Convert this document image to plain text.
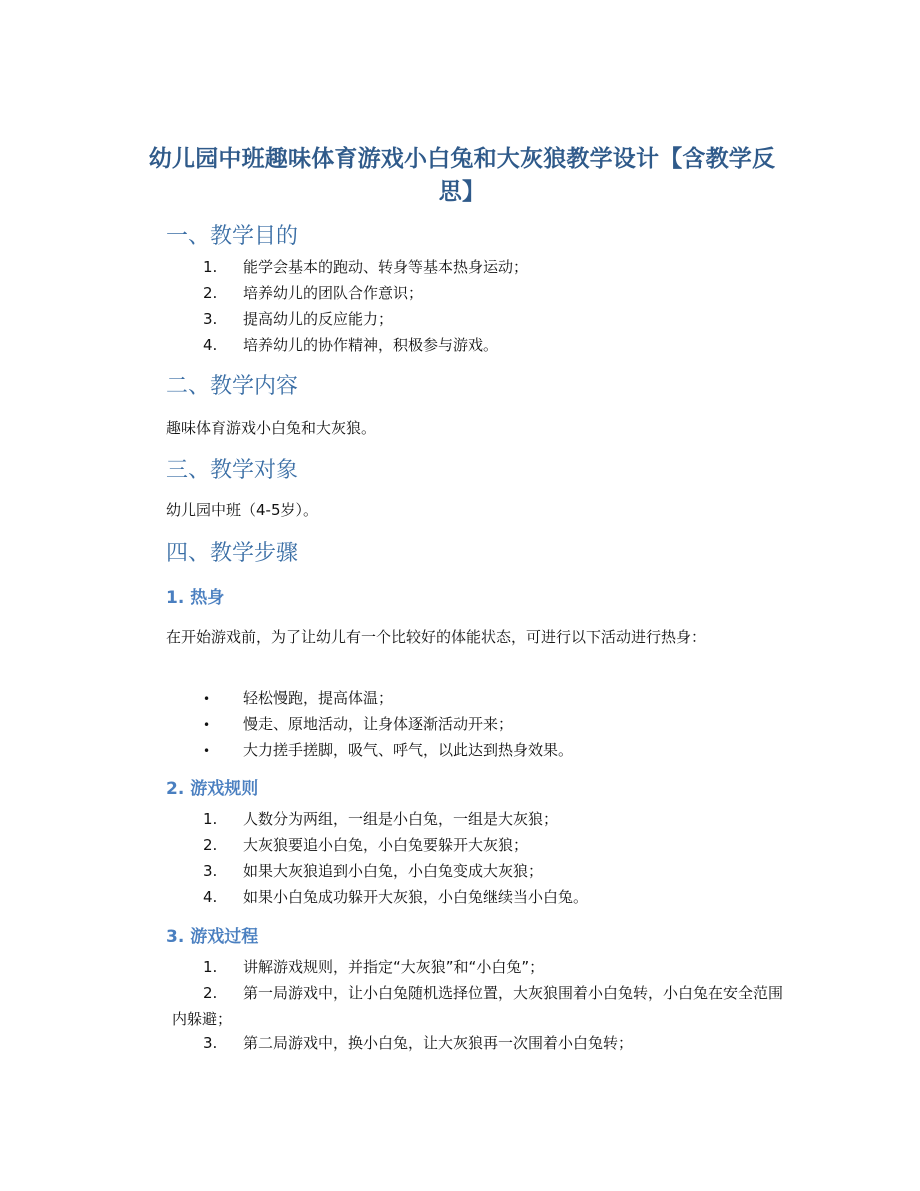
幼儿园中班趣味体育游戏小白兔和大灰狼教学设计【含教学反思】
一、教学目的
1. 能学会基本的跑动、转身等基本热身运动；
2. 培养幼儿的团队合作意识；
3. 提高幼儿的反应能力；
4. 培养幼儿的协作精神，积极参与游戏。
二、教学内容
趣味体育游戏小白兔和大灰狼。
三、教学对象
幼儿园中班（4-5岁）。
四、教学步骤
1. 热身
在开始游戏前，为了让幼儿有一个比较好的体能状态，可进行以下活动进行热身：
• 轻松慢跑，提高体温；
• 慢走、原地活动，让身体逐渐活动开来；
• 大力搓手搓脚，吸气、呼气，以此达到热身效果。
2. 游戏规则
1. 人数分为两组，一组是小白兔，一组是大灰狼；
2. 大灰狼要追小白兔，小白兔要躲开大灰狼；
3. 如果大灰狼追到小白兔，小白兔变成大灰狼；
4. 如果小白兔成功躲开大灰狼，小白兔继续当小白兔。
3. 游戏过程
1. 讲解游戏规则，并指定“大灰狼”和“小白兔”；
2. 第一局游戏中，让小白兔随机选择位置，大灰狼围着小白兔转，小白兔在安全范围内躲避；
3. 第二局游戏中，换小白兔，让大灰狼再一次围着小白兔转；
